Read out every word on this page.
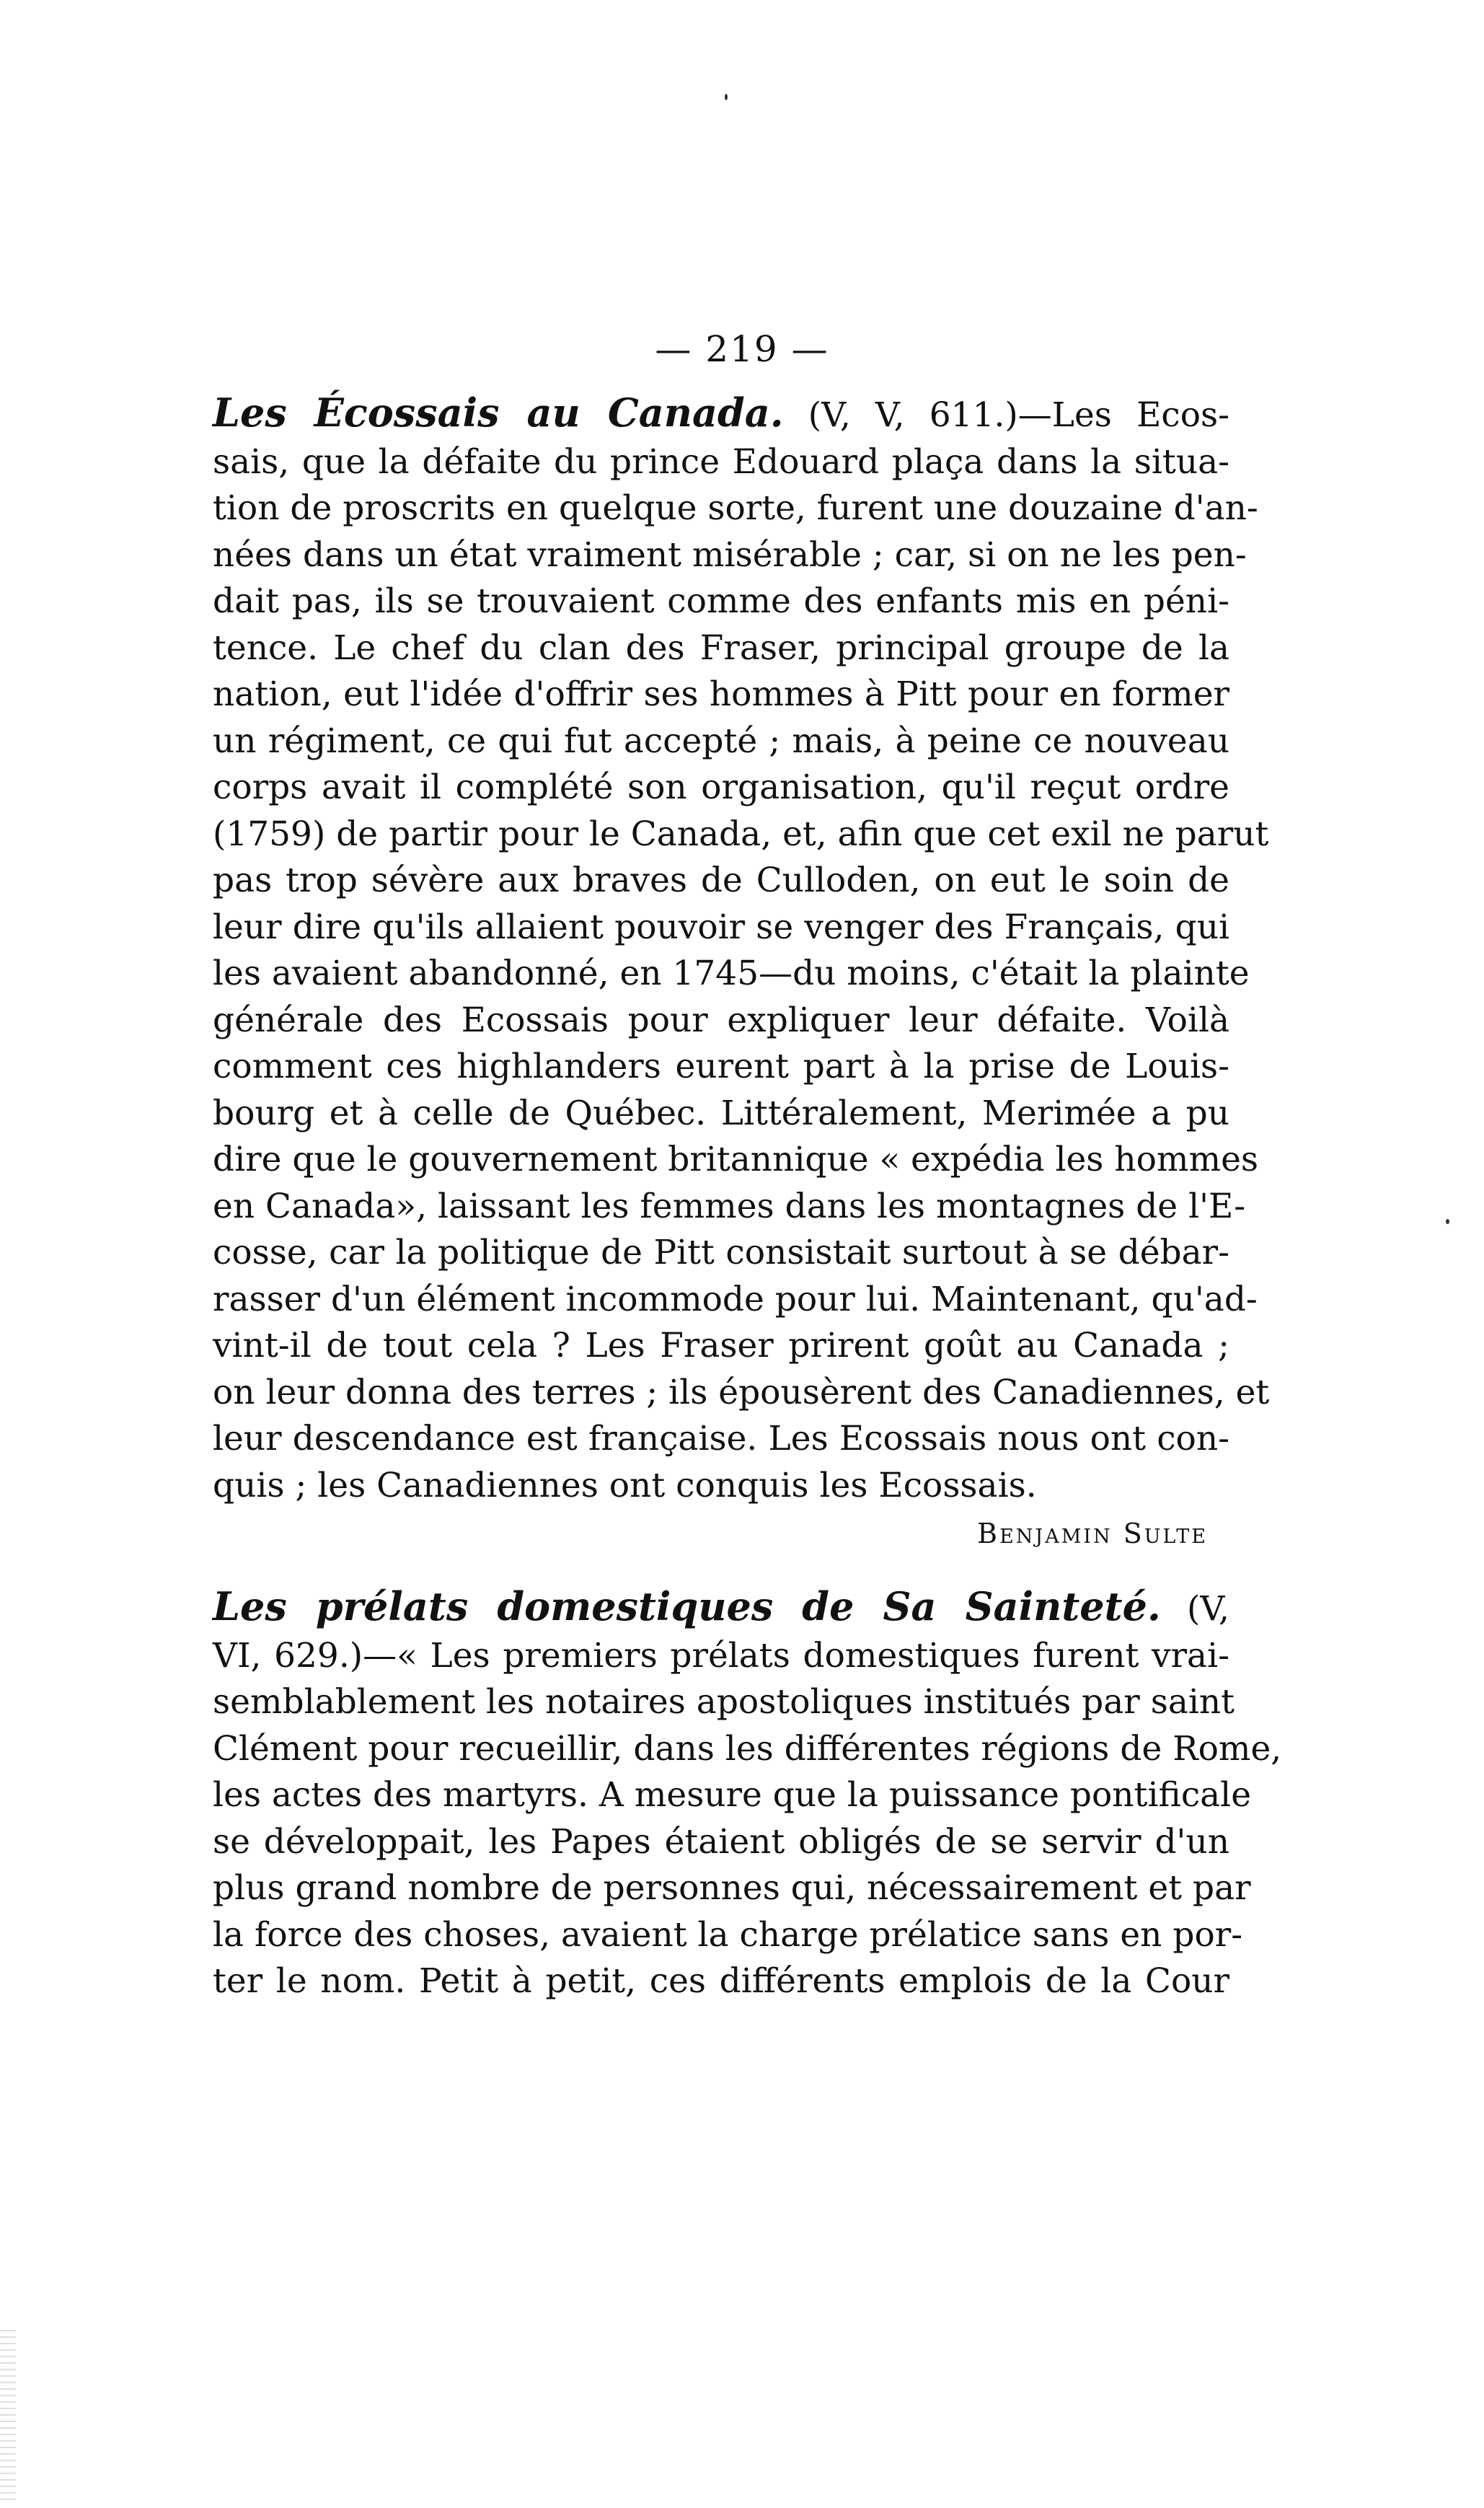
— 219 —
Les Écossais au Canada. (V, V, 611.)—Les Ecos-
sais, que la défaite du prince Edouard plaça dans la situa-
tion de proscrits en quelque sorte, furent une douzaine d'an-
nées dans un état vraiment misérable ; car, si on ne les pen-
dait pas, ils se trouvaient comme des enfants mis en péni-
tence. Le chef du clan des Fraser, principal groupe de la
nation, eut l'idée d'offrir ses hommes à Pitt pour en former
un régiment, ce qui fut accepté ; mais, à peine ce nouveau
corps avait il complété son organisation, qu'il reçut ordre
(1759) de partir pour le Canada, et, afin que cet exil ne parut
pas trop sévère aux braves de Culloden, on eut le soin de
leur dire qu'ils allaient pouvoir se venger des Français, qui
les avaient abandonné, en 1745—du moins, c'était la plainte
générale des Ecossais pour expliquer leur défaite. Voilà
comment ces highlanders eurent part à la prise de Louis-
bourg et à celle de Québec. Littéralement, Merimée a pu
dire que le gouvernement britannique « expédia les hommes
en Canada», laissant les femmes dans les montagnes de l'E-
cosse, car la politique de Pitt consistait surtout à se débar-
rasser d'un élément incommode pour lui. Maintenant, qu'ad-
vint-il de tout cela ? Les Fraser prirent goût au Canada ;
on leur donna des terres ; ils épousèrent des Canadiennes, et
leur descendance est française. Les Ecossais nous ont con-
quis ; les Canadiennes ont conquis les Ecossais.
Benjamin Sulte
Les prélats domestiques de Sa Sainteté. (V,
VI, 629.)—« Les premiers prélats domestiques furent vrai-
semblablement les notaires apostoliques institués par saint
Clément pour recueillir, dans les différentes régions de Rome,
les actes des martyrs. A mesure que la puissance pontificale
se développait, les Papes étaient obligés de se servir d'un
plus grand nombre de personnes qui, nécessairement et par
la force des choses, avaient la charge prélatice sans en por-
ter le nom. Petit à petit, ces différents emplois de la Cour
